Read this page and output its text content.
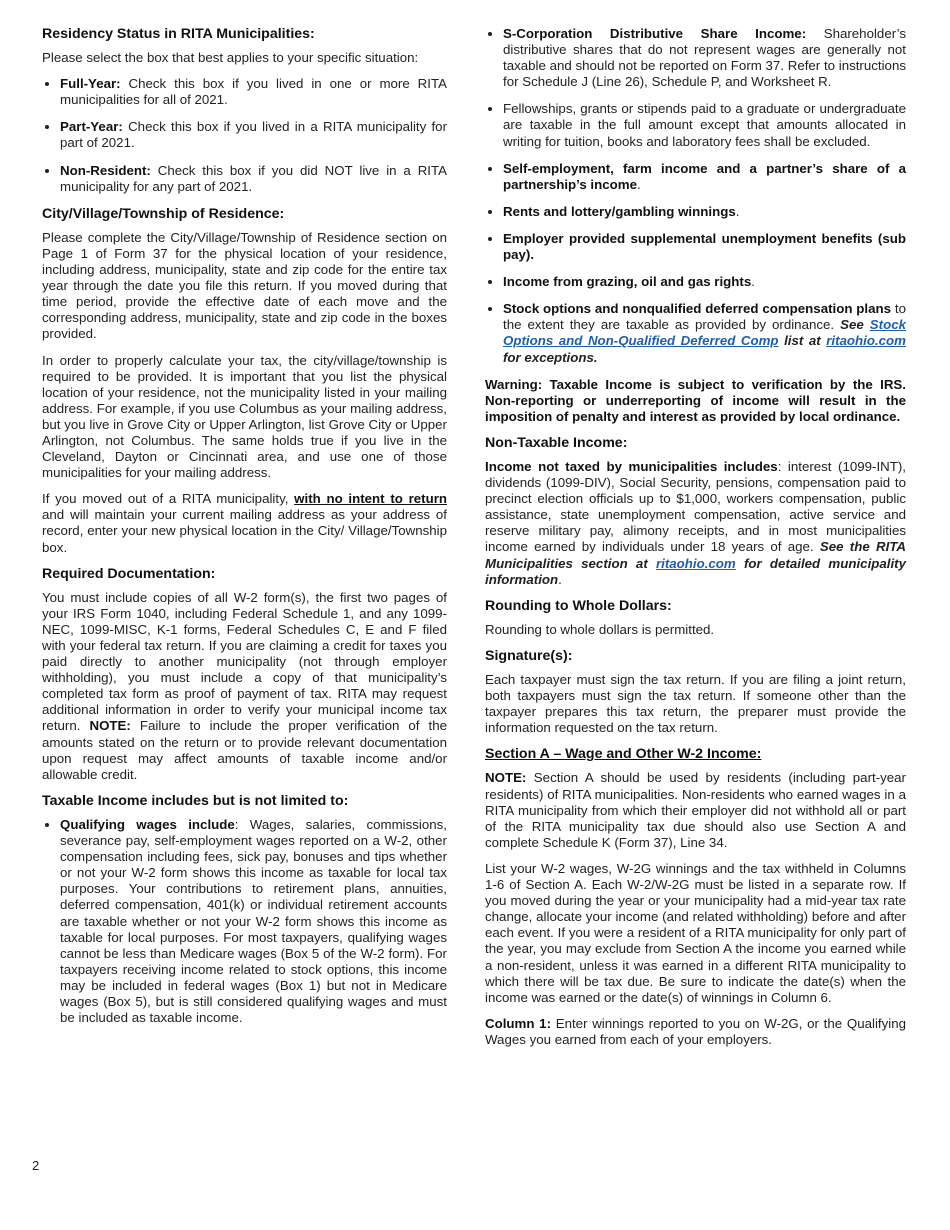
Residency Status in RITA Municipalities:

Please select the box that best applies to your specific situation:

• Full-Year: Check this box if you lived in one or more RITA municipalities for all of 2021.
• Part-Year: Check this box if you lived in a RITA municipality for part of 2021.
• Non-Resident: Check this box if you did NOT live in a RITA municipality for any part of 2021.
City/Village/Township of Residence:

Please complete the City/Village/Township of Residence section on Page 1 of Form 37 for the physical location of your residence, including address, municipality, state and zip code for the entire tax year through the date you file this return. If you moved during that time period, provide the effective date of each move and the corresponding address, municipality, state and zip code in the boxes provided.

In order to properly calculate your tax, the city/village/township is required to be provided. It is important that you list the physical location of your residence, not the municipality listed in your mailing address. For example, if you use Columbus as your mailing address, but you live in Grove City or Upper Arlington, list Grove City or Upper Arlington, not Columbus. The same holds true if you live in the Cleveland, Dayton or Cincinnati area, and use one of those municipalities for your mailing address.

If you moved out of a RITA municipality, with no intent to return and will maintain your current mailing address as your address of record, enter your new physical location in the City/ Village/Township box.

Required Documentation:

You must include copies of all W-2 form(s), the first two pages of your IRS Form 1040, including Federal Schedule 1, and any 1099-NEC, 1099-MISC, K-1 forms, Federal Schedules C, E and F filed with your federal tax return. If you are claiming a credit for taxes you paid directly to another municipality (not through employer withholding), you must include a copy of that municipality’s completed tax form as proof of payment of tax. RITA may request additional information in order to verify your municipal income tax return. NOTE: Failure to include the proper verification of the amounts stated on the return or to provide relevant documentation upon request may affect amounts of taxable income and/or allowable credit.

Taxable Income includes but is not limited to:
• Qualifying wages include: Wages, salaries, commissions, severance pay, self-employment wages reported on a W-2, other compensation including fees, sick pay, bonuses and tips whether or not your W-2 form shows this income as taxable for local tax purposes. Your contributions to retirement plans, annuities, deferred compensation, 401(k) or individual retirement accounts are taxable whether or not your W-2 form shows this income as taxable for local purposes. For most taxpayers, qualifying wages cannot be less than Medicare wages (Box 5 of the W-2 form). For taxpayers receiving income related to stock options, this income may be included in federal wages (Box 1) but not in Medicare wages (Box 5), but is still considered qualifying wages and must be included as taxable income.
• S-Corporation Distributive Share Income: Shareholder’s distributive shares that do not represent wages are generally not taxable and should not be reported on Form 37. Refer to instructions for Schedule J (Line 26), Schedule P, and Worksheet R.
• Fellowships, grants or stipends paid to a graduate or undergraduate are taxable in the full amount except that amounts allocated in writing for tuition, books and laboratory fees shall be excluded.
• Self-employment, farm income and a partner’s share of a partnership’s income.
• Rents and lottery/gambling winnings.
• Employer provided supplemental unemployment benefits (sub pay).
• Income from grazing, oil and gas rights.
• Stock options and nonqualified deferred compensation plans to the extent they are taxable as provided by ordinance. See Stock Options and Non-Qualified Deferred Comp list at ritaohio.com for exceptions.

Warning: Taxable Income is subject to verification by the IRS. Non-reporting or underreporting of income will result in the imposition of penalty and interest as provided by local ordinance.

Non-Taxable Income:

Income not taxed by municipalities includes: interest (1099-INT), dividends (1099-DIV), Social Security, pensions, compensation paid to precinct election officials up to $1,000, workers compensation, public assistance, state unemployment compensation, active service and reserve military pay, alimony receipts, and in most municipalities income earned by individuals under 18 years of age. See the RITA Municipalities section at ritaohio.com for detailed municipality information.

Rounding to Whole Dollars:

Rounding to whole dollars is permitted.

Signature(s):

Each taxpayer must sign the tax return. If you are filing a joint return, both taxpayers must sign the tax return. If someone other than the taxpayer prepares this tax return, the preparer must provide the information requested on the tax return.

Section A – Wage and Other W-2 Income:

NOTE: Section A should be used by residents (including part-year residents) of RITA municipalities. Non-residents who earned wages in a RITA municipality from which their employer did not withhold all or part of the RITA municipality tax due should also use Section A and complete Schedule K (Form 37), Line 34.

List your W-2 wages, W-2G winnings and the tax withheld in Columns 1-6 of Section A. Each W-2/W-2G must be listed in a separate row. If you moved during the year or your municipality had a mid-year tax rate change, allocate your income (and related withholding) before and after each event. If you were a resident of a RITA municipality for only part of the year, you may exclude from Section A the income you earned while a non-resident, unless it was earned in a different RITA municipality to which there will be tax due. Be sure to indicate the date(s) when the income was earned or the date(s) of winnings in Column 6.

Column 1: Enter winnings reported to you on W-2G, or the Qualifying Wages you earned from each of your employers.

2
